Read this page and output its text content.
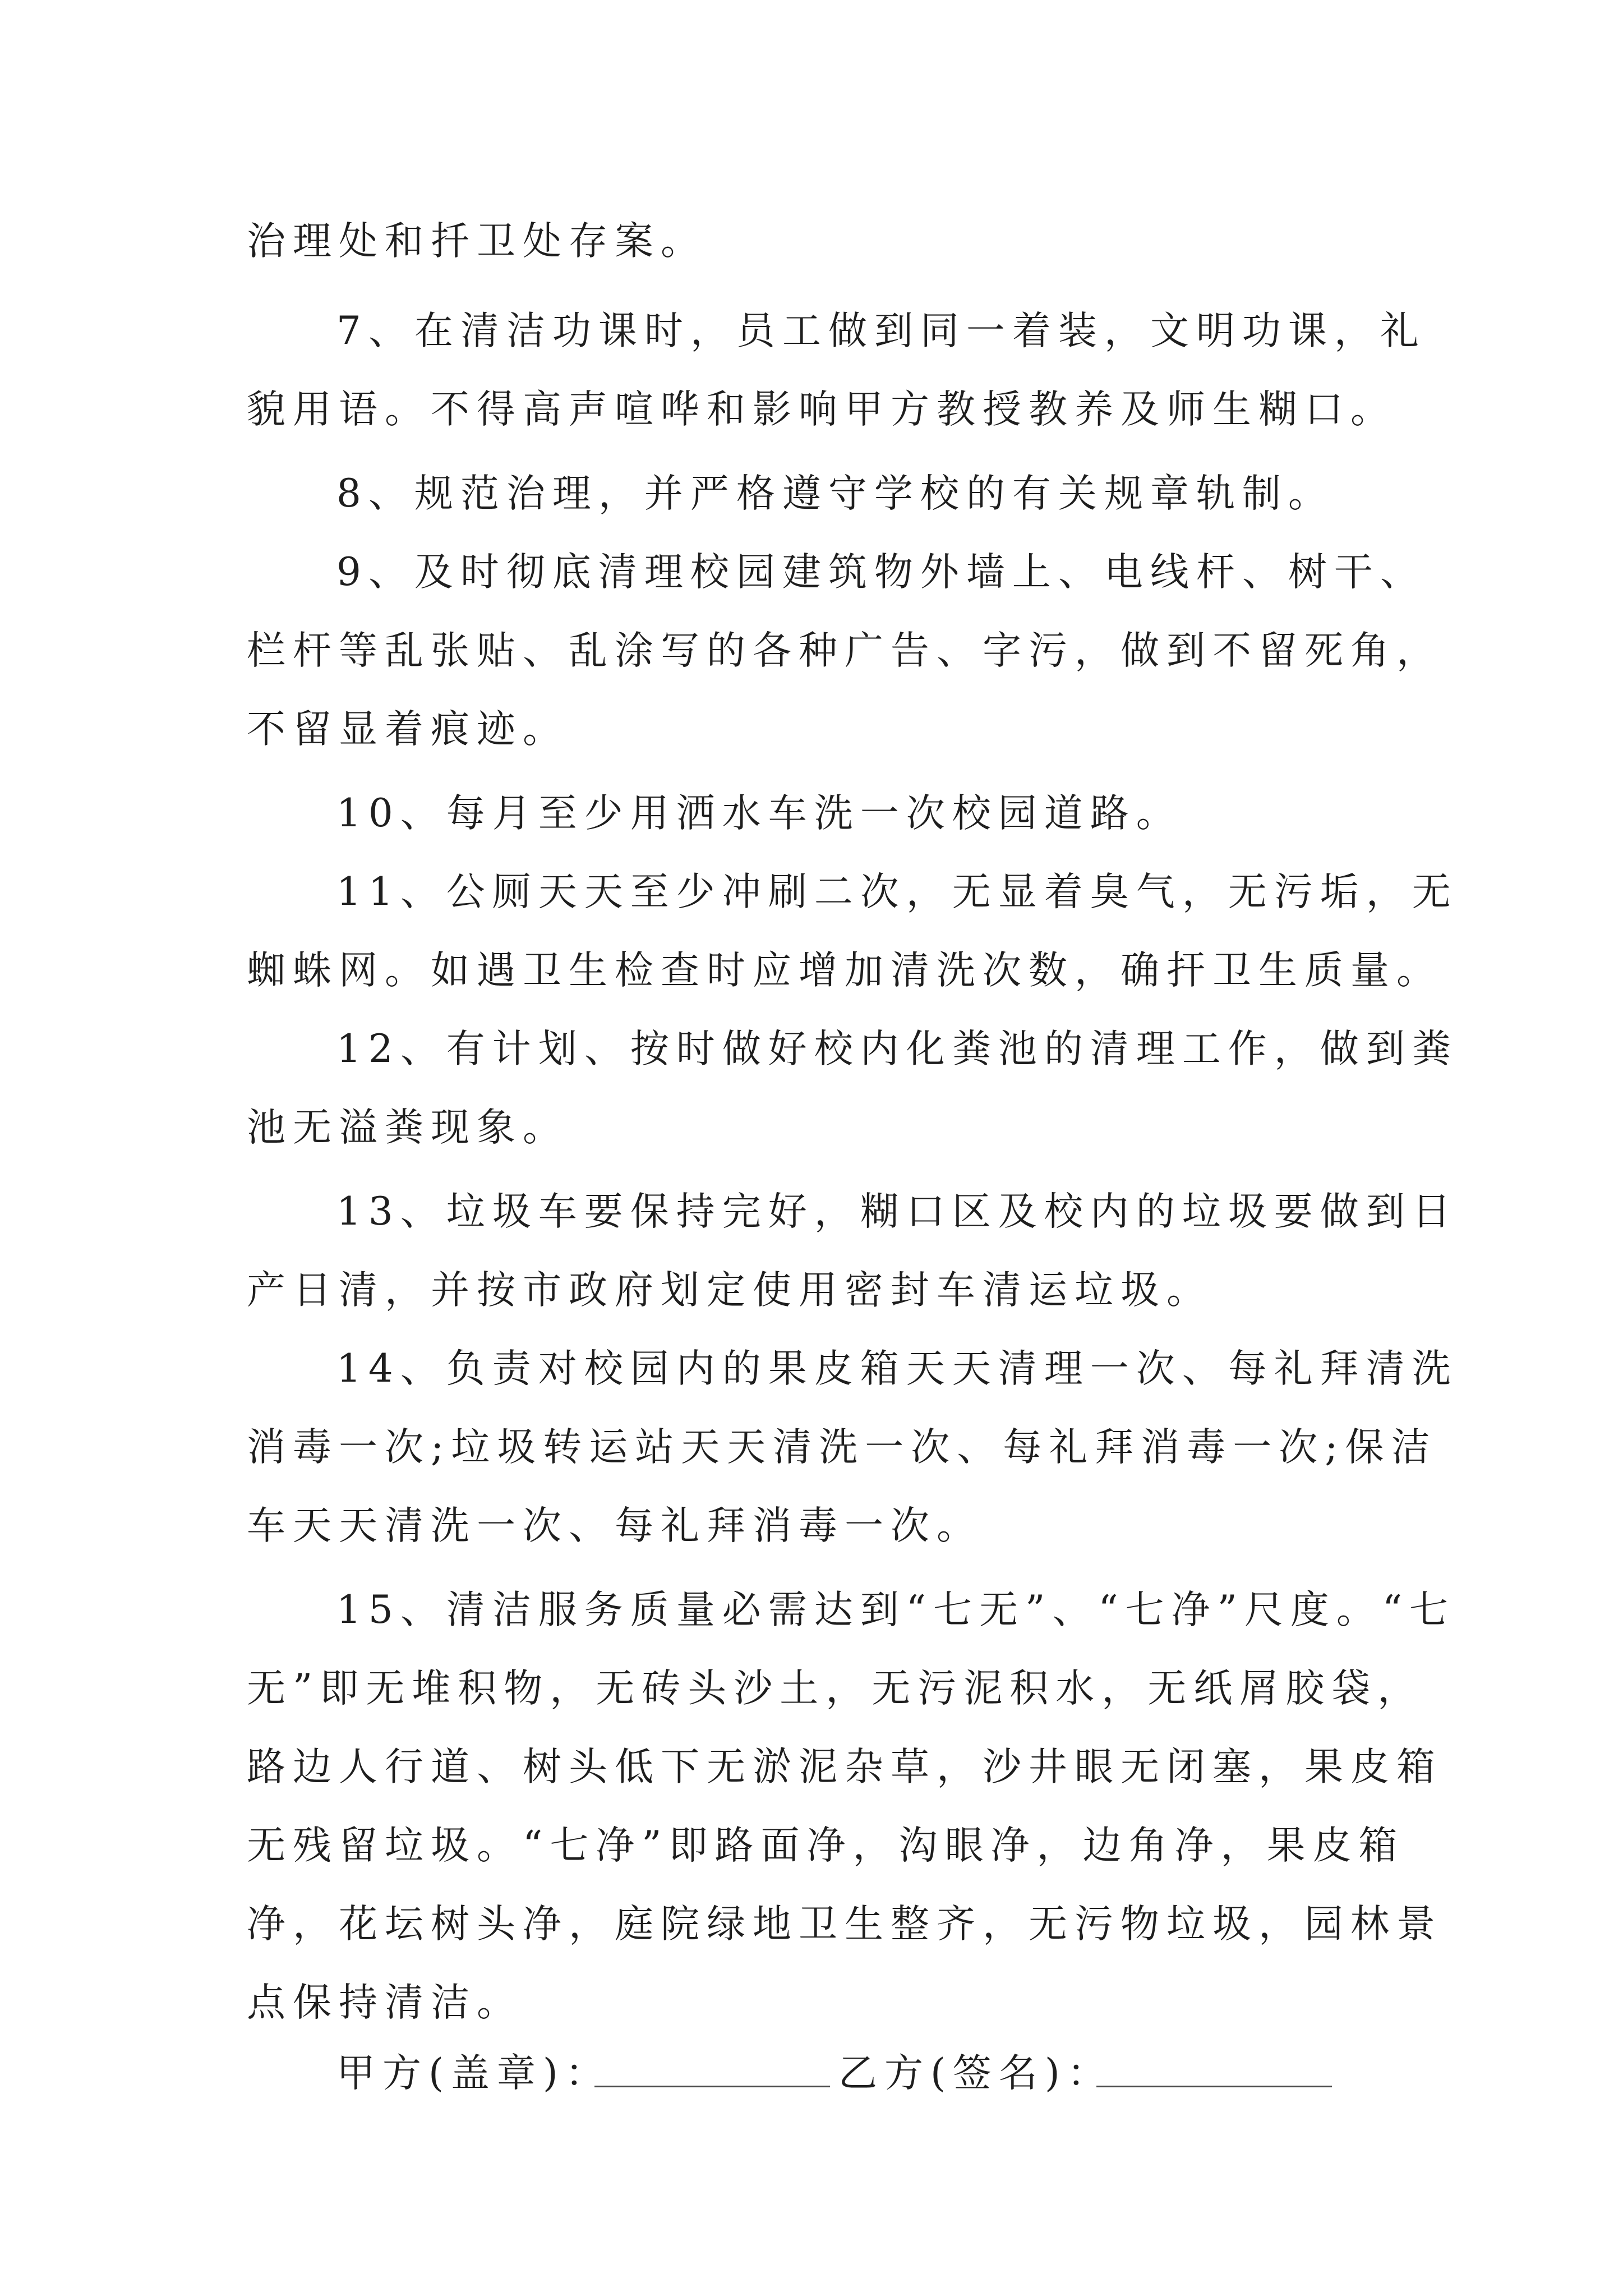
治理处和扦卫处存案。
7、在清洁功课时，员工做到同一着装，文明功课，礼
貌用语。不得高声喧哗和影响甲方教授教养及师生糊口。
8、规范治理，并严格遵守学校的有关规章轨制。
9、及时彻底清理校园建筑物外墙上、电线杆、树干、
栏杆等乱张贴、乱涂写的各种广告、字污，做到不留死角，
不留显着痕迹。
10、每月至少用洒水车洗一次校园道路。
11、公厕天天至少冲刷二次，无显着臭气，无污垢，无
蜘蛛网。如遇卫生检查时应增加清洗次数，确扞卫生质量。
12、有计划、按时做好校内化粪池的清理工作，做到粪
池无溢粪现象。
13、垃圾车要保持完好，糊口区及校内的垃圾要做到日
产日清，并按市政府划定使用密封车清运垃圾。
14、负责对校园内的果皮箱天天清理一次、每礼拜清洗
消毒一次;垃圾转运站天天清洗一次、每礼拜消毒一次;保洁
车天天清洗一次、每礼拜消毒一次。
15、清洁服务质量必需达到“七无”、“七净”尺度。“七
无”即无堆积物，无砖头沙土，无污泥积水，无纸屑胶袋，
路边人行道、树头低下无淤泥杂草，沙井眼无闭塞，果皮箱
无残留垃圾。“七净”即路面净，沟眼净，边角净，果皮箱
净，花坛树头净，庭院绿地卫生整齐，无污物垃圾，园林景
点保持清洁。
甲方(盖章)：	乙方(签名)：
